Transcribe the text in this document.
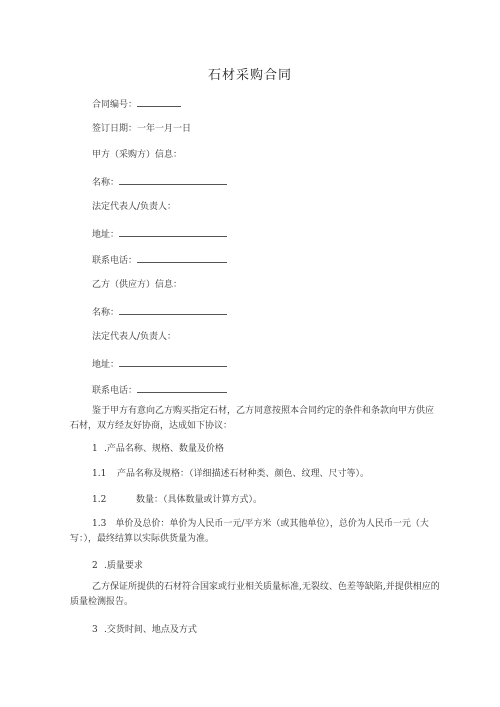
石材采购合同
合同编号：
签订日期：一年一月一日
甲方（采购方）信息：
名称：
法定代表人/负责人：
地址：
联系电话：
乙方（供应方）信息：
名称：
法定代表人/负责人：
地址：
联系电话：
鉴于甲方有意向乙方购买指定石材，乙方同意按照本合同约定的条件和条款向甲方供应石材，双方经友好协商，达成如下协议：
1 .产品名称、规格、数量及价格
1.1 产品名称及规格：（详细描述石材种类、颜色、纹理、尺寸等）。
1.2	数量：（具体数量或计算方式）。
1.3　单价及总价：单价为人民币一元/平方米（或其他单位），总价为人民币一元（大写：），最终结算以实际供货量为准。
2 .质量要求
乙方保证所提供的石材符合国家或行业相关质量标准,无裂纹、色差等缺陷,并提供相应的质量检测报告。
3 .交货时间、地点及方式
